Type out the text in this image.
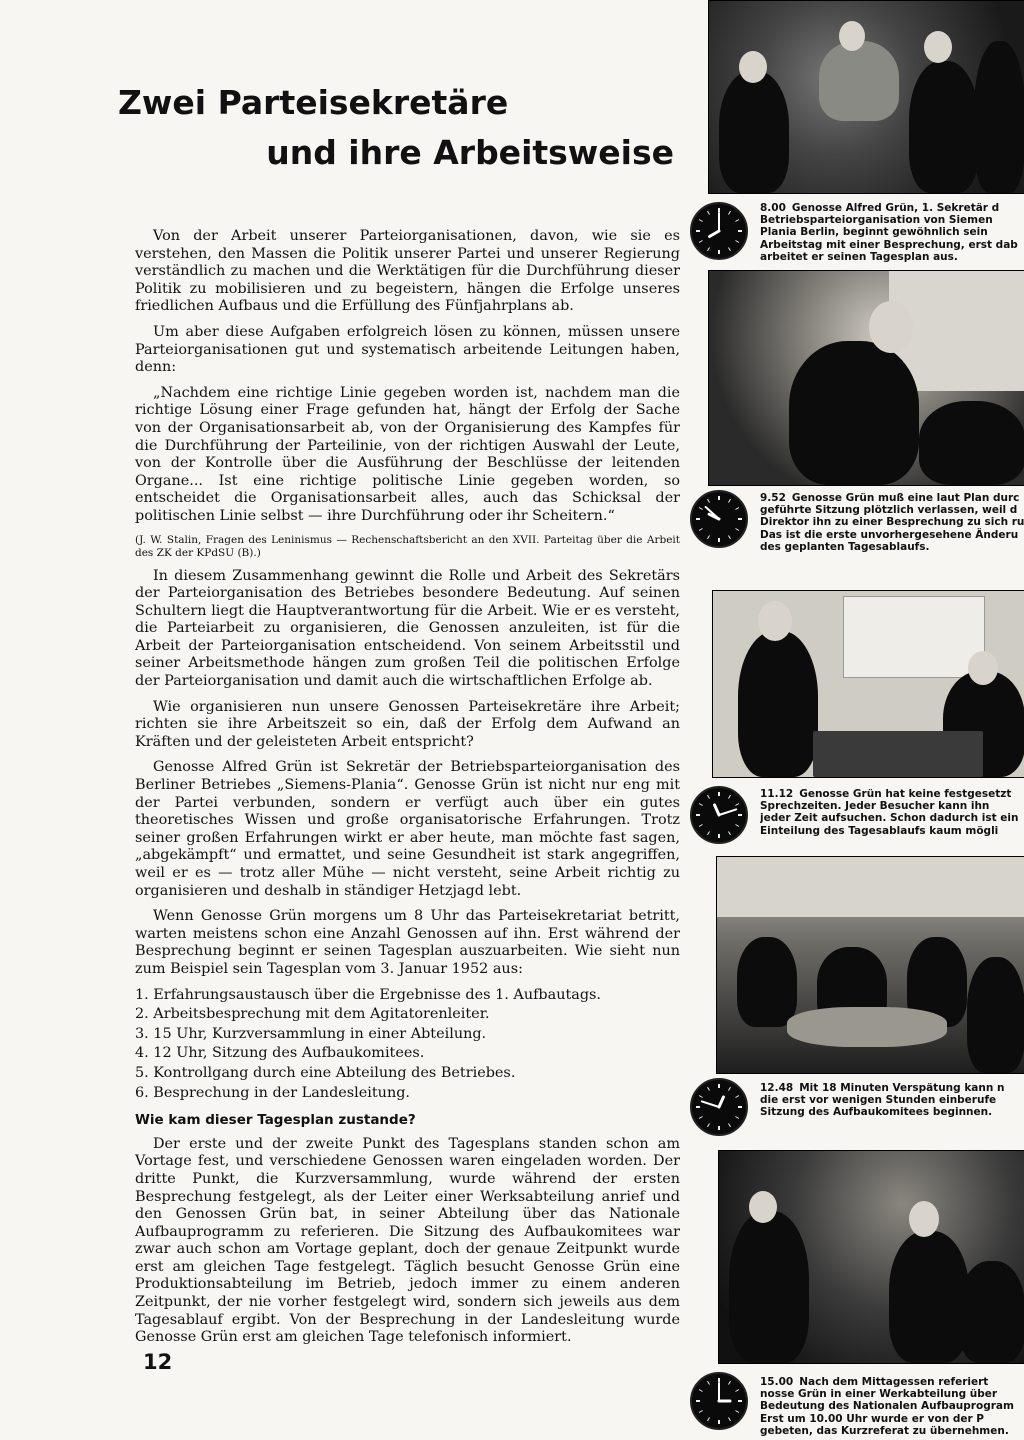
Zwei Parteisekretäre
und ihre Arbeitsweise

Von der Arbeit unserer Parteiorganisationen, davon, wie sie es verstehen, den Massen die Politik unserer Partei und unserer Regierung verständlich zu machen und die Werktätigen für die Durchführung dieser Politik zu mobilisieren und zu begeistern, hängen die Erfolge unseres friedlichen Aufbaus und die Erfüllung des Fünfjahrplans ab.

Um aber diese Aufgaben erfolgreich lösen zu können, müssen unsere Parteiorganisationen gut und systematisch arbeitende Leitungen haben, denn:

„Nachdem eine richtige Linie gegeben worden ist, nachdem man die richtige Lösung einer Frage gefunden hat, hängt der Erfolg der Sache von der Organisationsarbeit ab, von der Organisierung des Kampfes für die Durchführung der Parteilinie, von der richtigen Auswahl der Leute, von der Kontrolle über die Ausführung der Beschlüsse der leitenden Organe... Ist eine richtige politische Linie gegeben worden, so entscheidet die Organisationsarbeit alles, auch das Schicksal der politischen Linie selbst — ihre Durchführung oder ihr Scheitern.“

(J. W. Stalin, Fragen des Leninismus — Rechenschaftsbericht an den XVII. Parteitag über die Arbeit des ZK der KPdSU (B).)

In diesem Zusammenhang gewinnt die Rolle und Arbeit des Sekretärs der Parteiorganisation des Betriebes besondere Bedeutung. Auf seinen Schultern liegt die Hauptverantwortung für die Arbeit. Wie er es versteht, die Parteiarbeit zu organisieren, die Genossen anzuleiten, ist für die Arbeit der Parteiorganisation entscheidend. Von seinem Arbeitsstil und seiner Arbeitsmethode hängen zum großen Teil die politischen Erfolge der Parteiorganisation und damit auch die wirtschaftlichen Erfolge ab.

Wie organisieren nun unsere Genossen Parteisekretäre ihre Arbeit; richten sie ihre Arbeitszeit so ein, daß der Erfolg dem Aufwand an Kräften und der geleisteten Arbeit entspricht?

Genosse Alfred Grün ist Sekretär der Betriebsparteiorganisation des Berliner Betriebes „Siemens-Plania“. Genosse Grün ist nicht nur eng mit der Partei verbunden, sondern er verfügt auch über ein gutes theoretisches Wissen und große organisatorische Erfahrungen. Trotz seiner großen Erfahrungen wirkt er aber heute, man möchte fast sagen, „abgekämpft“ und ermattet, und seine Gesundheit ist stark angegriffen, weil er es — trotz aller Mühe — nicht versteht, seine Arbeit richtig zu organisieren und deshalb in ständiger Hetzjagd lebt.

Wenn Genosse Grün morgens um 8 Uhr das Parteisekretariat betritt, warten meistens schon eine Anzahl Genossen auf ihn. Erst während der Besprechung beginnt er seinen Tagesplan auszuarbeiten. Wie sieht nun zum Beispiel sein Tagesplan vom 3. Januar 1952 aus:

1. Erfahrungsaustausch über die Ergebnisse des 1. Aufbautags.
2. Arbeitsbesprechung mit dem Agitatorenleiter.
3. 15 Uhr, Kurzversammlung in einer Abteilung.
4. 12 Uhr, Sitzung des Aufbaukomitees.
5. Kontrollgang durch eine Abteilung des Betriebes.
6. Besprechung in der Landesleitung.
Wie kam dieser Tagesplan zustande?

Der erste und der zweite Punkt des Tagesplans standen schon am Vortage fest, und verschiedene Genossen waren eingeladen worden. Der dritte Punkt, die Kurzversammlung, wurde während der ersten Besprechung festgelegt, als der Leiter einer Werksabteilung anrief und den Genossen Grün bat, in seiner Abteilung über das Nationale Aufbauprogramm zu referieren. Die Sitzung des Aufbaukomitees war zwar auch schon am Vortage geplant, doch der genaue Zeitpunkt wurde erst am gleichen Tage festgelegt. Täglich besucht Genosse Grün eine Produktionsabteilung im Betrieb, jedoch immer zu einem anderen Zeitpunkt, der nie vorher festgelegt wird, sondern sich jeweils aus dem Tagesablauf ergibt. Von der Besprechung in der Landesleitung wurde Genosse Grün erst am gleichen Tage telefonisch informiert.

12
8.00 Genosse Alfred Grün, 1. Sekretär d
Betriebsparteiorganisation von Siemen
Plania Berlin, beginnt gewöhnlich sein
Arbeitstag mit einer Besprechung, erst dab
arbeitet er seinen Tagesplan aus.
9.52 Genosse Grün muß eine laut Plan durc
geführte Sitzung plötzlich verlassen, weil d
Direktor ihn zu einer Besprechung zu sich ru
Das ist die erste unvorhergesehene Änderu
des geplanten Tagesablaufs.
11.12 Genosse Grün hat keine festgesetzt
Sprechzeiten. Jeder Besucher kann ihn
jeder Zeit aufsuchen. Schon dadurch ist ein
Einteilung des Tagesablaufs kaum mögli
12.48 Mit 18 Minuten Verspätung kann n
die erst vor wenigen Stunden einberufe
Sitzung des Aufbaukomitees beginnen.
15.00 Nach dem Mittagessen referiert
nosse Grün in einer Werkabteilung über
Bedeutung des Nationalen Aufbauprogram
Erst um 10.00 Uhr wurde er von der P
gebeten, das Kurzreferat zu übernehmen.
